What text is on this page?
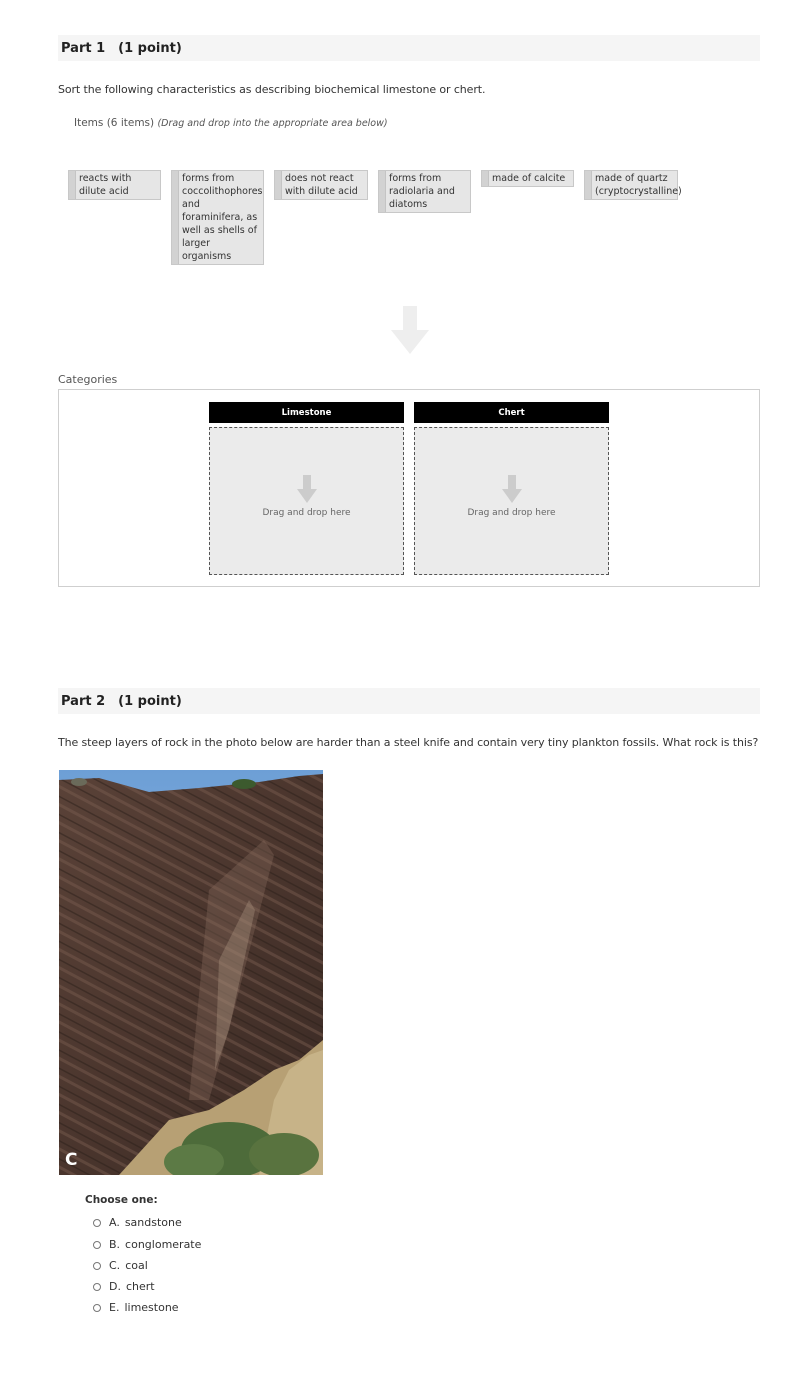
Part 1 (1 point)
Sort the following characteristics as describing biochemical limestone or chert.
Items (6 items) (Drag and drop into the appropriate area below)
reacts with dilute acid
forms from coccolithophores and foraminifera, as well as shells of larger organisms
does not react with dilute acid
forms from radiolaria and diatoms
made of calcite	made of quartz (cryptocrystalline)
Categories
Limestone
Drag and drop here
Chert
Drag and drop here
Part 2 (1 point)
The steep layers of rock in the photo below are harder than a steel knife and contain very tiny plankton fossils. What rock is this?
C
Choose one:
A. sandstone
B. conglomerate
C. coal
D. chert
E. limestone
